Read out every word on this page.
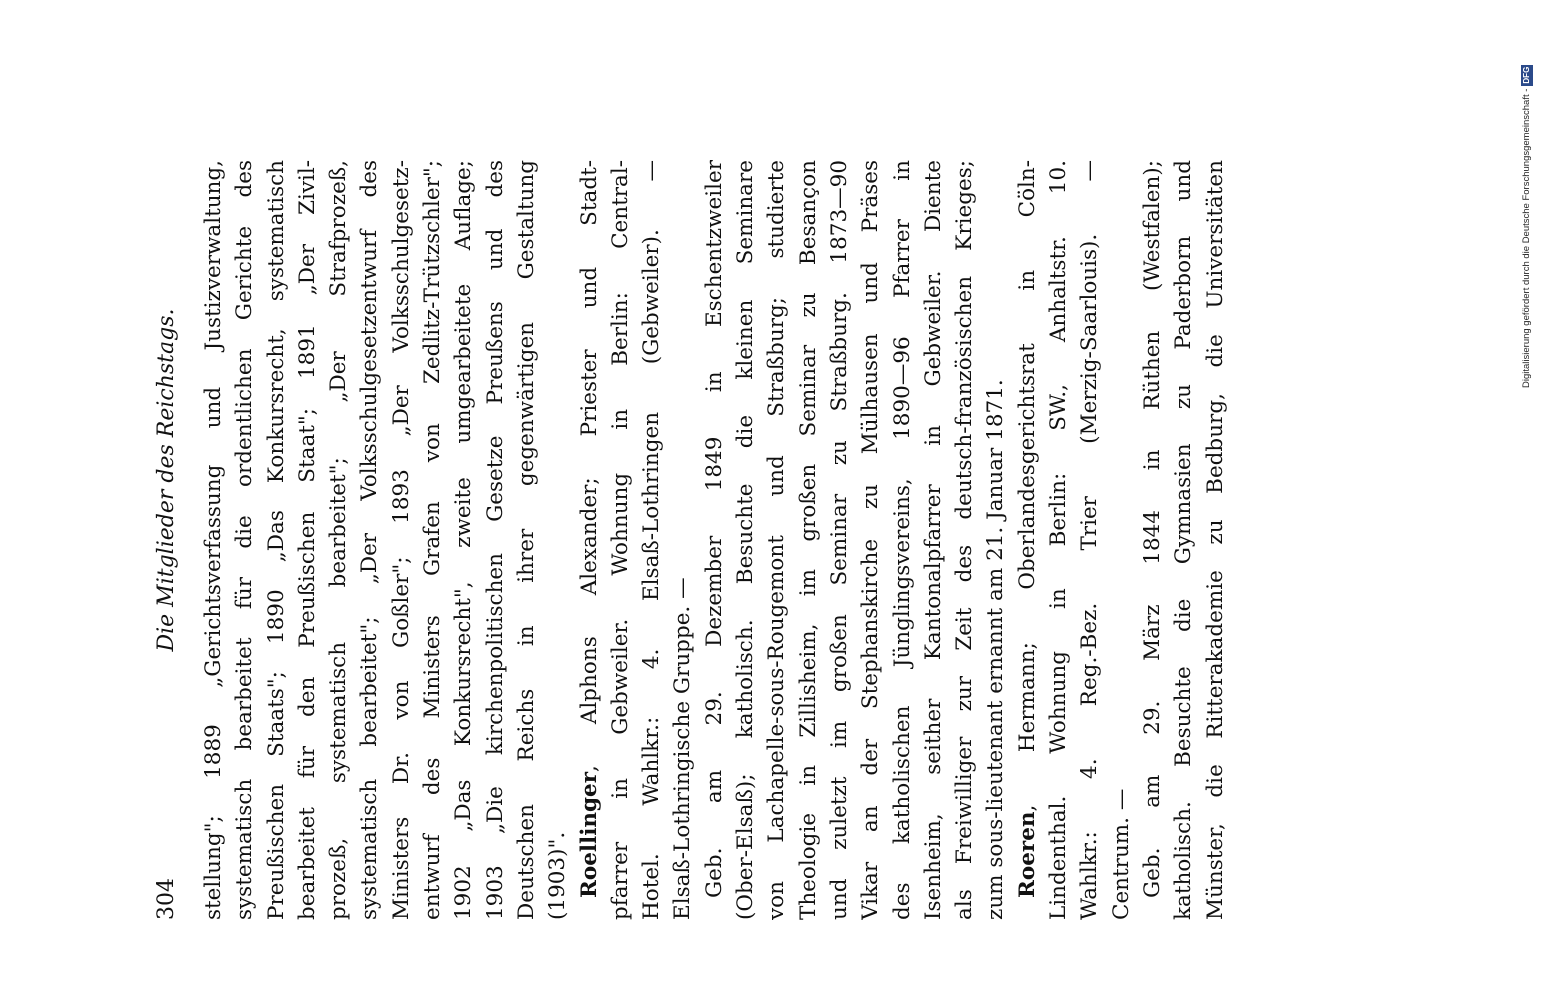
304
Die Mitglieder des Reichstags. stellung"; 1889 „Gerichtsverfassung und Justizverwaltung, systematisch bearbeitet für die ordentlichen Gerichte des Preußischen Staats"; 1890 „Das Konkursrecht, systematisch bearbeitet für den Preußischen Staat"; 1891 „Der Zivil- prozeß, systematisch bearbeitet"; „Der Strafprozeß, systematisch bearbeitet"; „Der Volksschulgesetzentwurf des Ministers Dr. von Goßler"; 1893 „Der Volksschulgesetz- entwurf des Ministers Grafen von Zedlitz-Trützschler"; 1902 „Das Konkursrecht", zweite umgearbeitete Auflage; 1903 „Die kirchenpolitischen Gesetze Preußens und des Deutschen Reichs in ihrer gegenwärtigen Gestaltung (1903)". Roellinger, Alphons Alexander; Priester und Stadt- pfarrer in Gebweiler. Wohnung in Berlin: Central- Hotel. Wahlkr.: 4. Elsaß-Lothringen (Gebweiler). — Elsaß-Lothringische Gruppe. — Geb. am 29. Dezember 1849 in Eschentzweiler (Ober-Elsaß); katholisch. Besuchte die kleinen Seminare von Lachapelle-sous-Rougemont und Straßburg; studierte Theologie in Zillisheim, im großen Seminar zu Besançon und zuletzt im großen Seminar zu Straßburg. 1873—90 Vikar an der Stephanskirche zu Mülhausen und Präses des katholischen Jünglingsvereins, 1890—96 Pfarrer in Isenheim, seither Kantonalpfarrer in Gebweiler. Diente als Freiwilliger zur Zeit des deutsch-französischen Krieges; zum sous-lieutenant ernannt am 21. Januar 1871. Roeren, Hermann; Oberlandesgerichtsrat in Cöln- Lindenthal. Wohnung in Berlin: SW., Anhaltstr. 10. Wahlkr.: 4. Reg.-Bez. Trier (Merzig-Saarlouis). — Centrum. — Geb. am 29. März 1844 in Rüthen (Westfalen); katholisch. Besuchte die Gymnasien zu Paderborn und Münster, die Ritterakademie zu Bedburg, die Universitäten	Digitalisierung gefördert durch die Deutsche Forschungsgemeinschaft -DFG
